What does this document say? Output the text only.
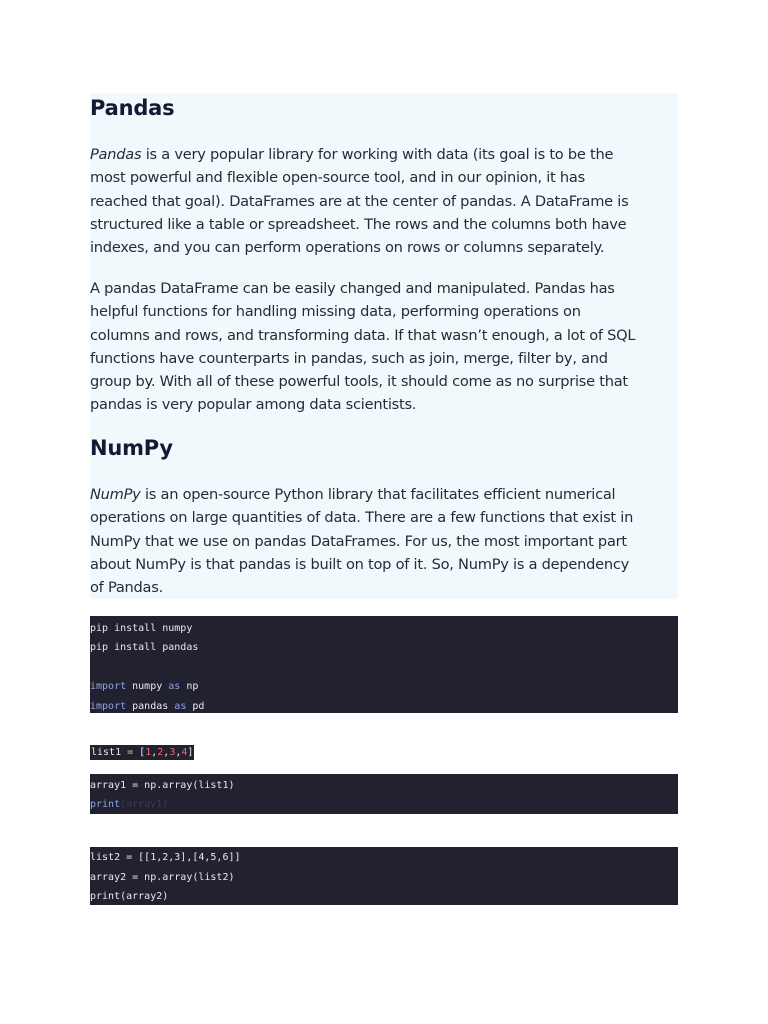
Pandas
Pandas is a very popular library for working with data (its goal is to be the
most powerful and flexible open-source tool, and in our opinion, it has
reached that goal). DataFrames are at the center of pandas. A DataFrame is
structured like a table or spreadsheet. The rows and the columns both have
indexes, and you can perform operations on rows or columns separately.
A pandas DataFrame can be easily changed and manipulated. Pandas has
helpful functions for handling missing data, performing operations on
columns and rows, and transforming data. If that wasn’t enough, a lot of SQL
functions have counterparts in pandas, such as join, merge, filter by, and
group by. With all of these powerful tools, it should come as no surprise that
pandas is very popular among data scientists.
NumPy
NumPy is an open-source Python library that facilitates efficient numerical
operations on large quantities of data. There are a few functions that exist in
NumPy that we use on pandas DataFrames. For us, the most important part
about NumPy is that pandas is built on top of it. So, NumPy is a dependency
of Pandas.
pip install numpy
pip install pandas
import numpy as np
import pandas as pd
list1 = [1,2,3,4]
array1 = np.array(list1)
print(array1)
list2 = [[1,2,3],[4,5,6]]
array2 = np.array(list2)
print(array2)
